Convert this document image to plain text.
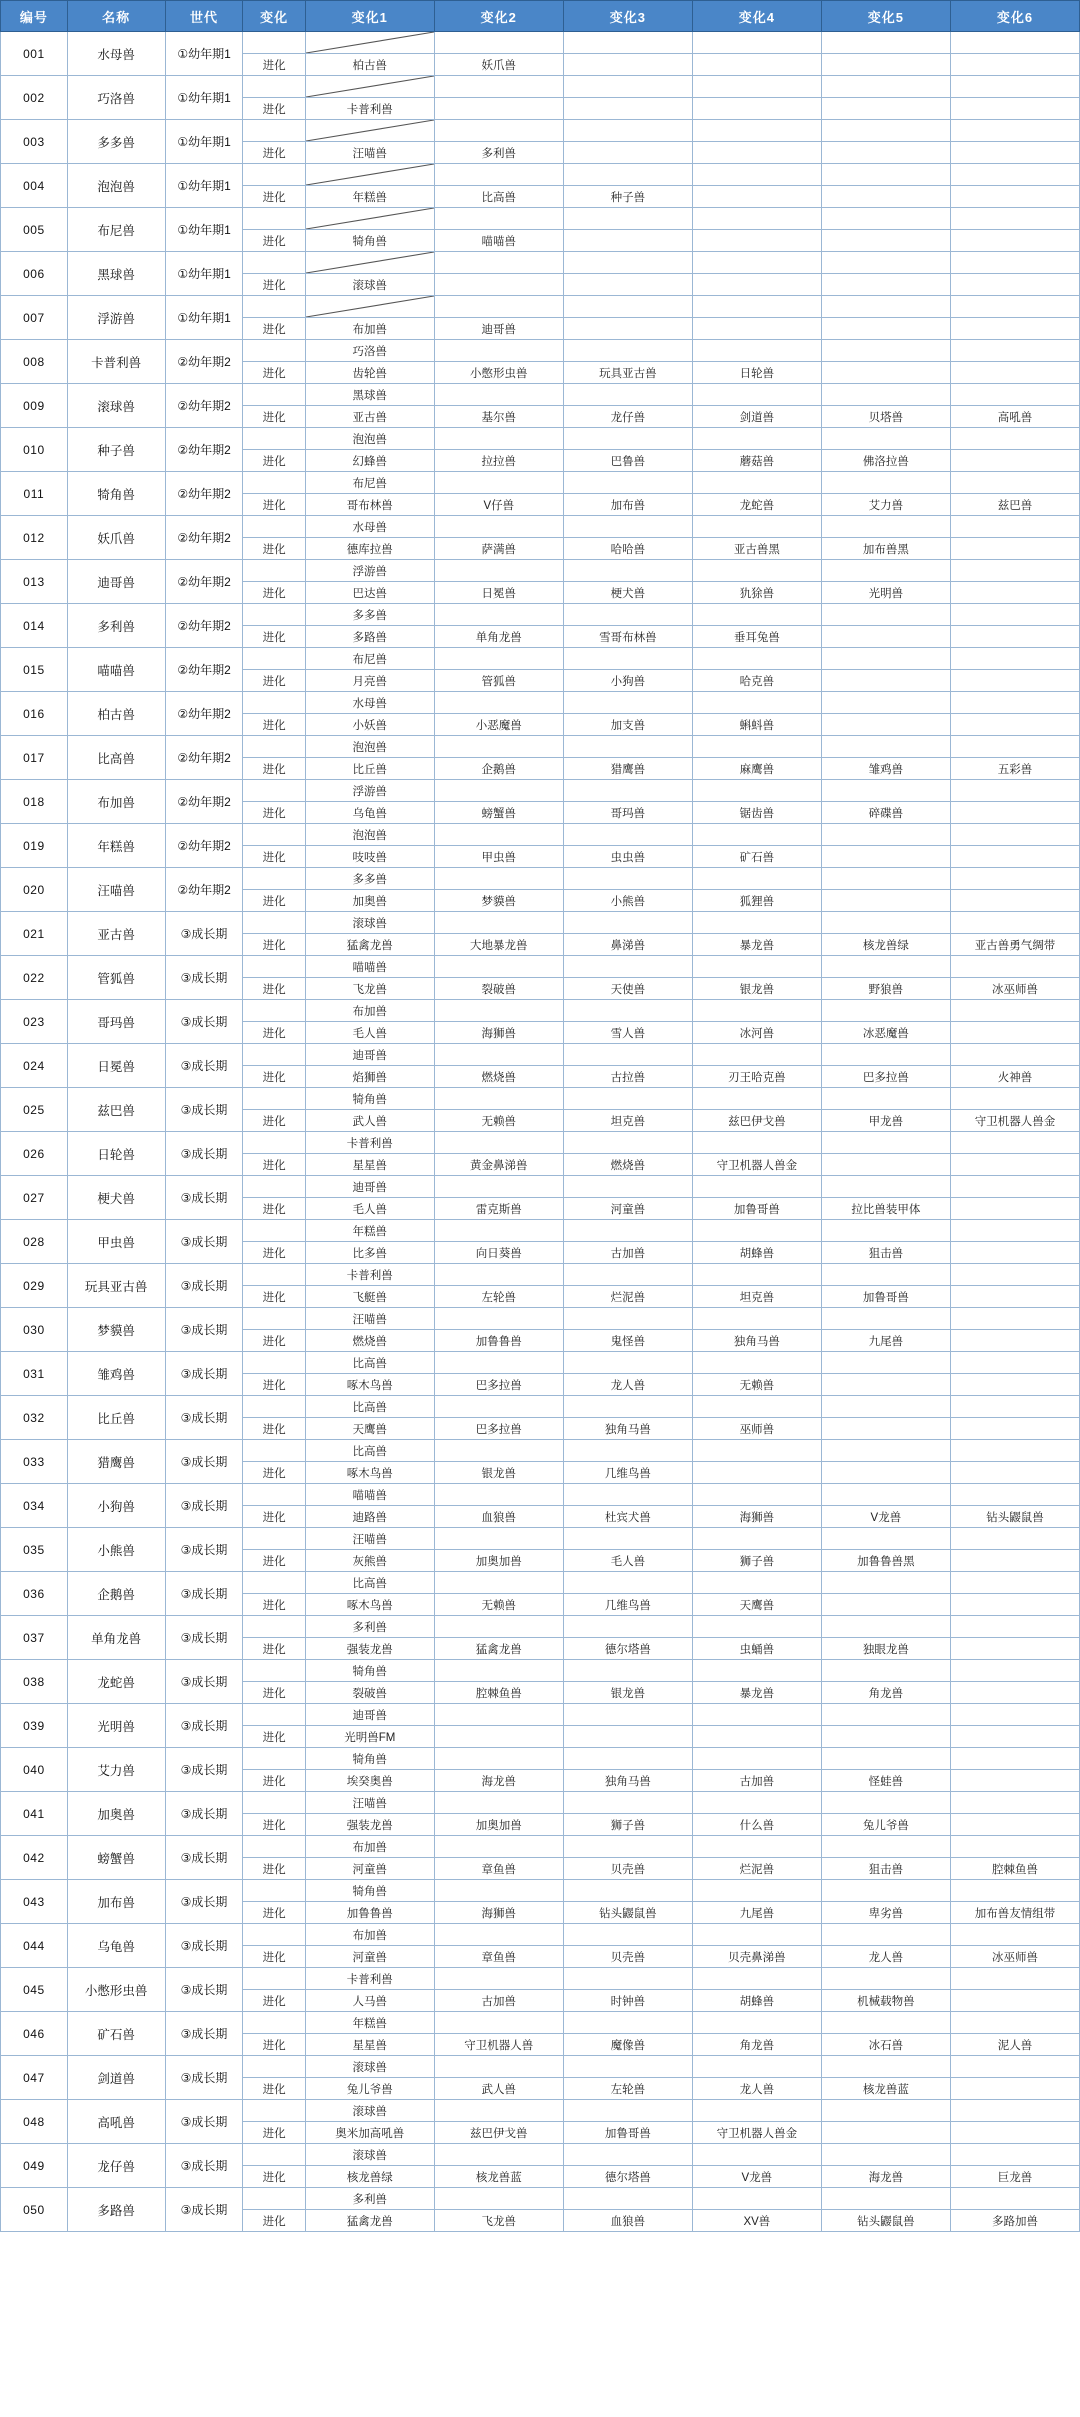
编号	名称	世代	变化	变化1	变化2	变化3	变化4	变化5	变化6
001	水母兽	①幼年期1		

			进化	柏古兽	妖爪兽				
002	巧洛兽	①幼年期1		

			进化	卡普利兽					
003	多多兽	①幼年期1		

			进化	汪喵兽	多利兽				
004	泡泡兽	①幼年期1		

			进化	年糕兽	比高兽	种子兽			
005	布尼兽	①幼年期1		

			进化	犄角兽	喵喵兽				
006	黑球兽	①幼年期1		

			进化	滚球兽					
007	浮游兽	①幼年期1		

			进化	布加兽	迪哥兽				
008	卡普利兽	②幼年期2		巧洛兽					
			进化	齿轮兽	小憋形虫兽	玩具亚古兽	日轮兽		
009	滚球兽	②幼年期2		黑球兽					
			进化	亚古兽	基尔兽	龙仔兽	剑道兽	贝塔兽	高吼兽
010	种子兽	②幼年期2		泡泡兽					
			进化	幻蜂兽	拉拉兽	巴鲁兽	蘑菇兽	佛洛拉兽	
011	犄角兽	②幼年期2		布尼兽					
			进化	哥布林兽	V仔兽	加布兽	龙蛇兽	艾力兽	兹巴兽
012	妖爪兽	②幼年期2		水母兽					
			进化	德库拉兽	萨满兽	哈哈兽	亚古兽黑	加布兽黑	
013	迪哥兽	②幼年期2		浮游兽					
			进化	巴达兽	日冕兽	梗犬兽	犰狳兽	光明兽	
014	多利兽	②幼年期2		多多兽					
			进化	多路兽	单角龙兽	雪哥布林兽	垂耳兔兽		
015	喵喵兽	②幼年期2		布尼兽					
			进化	月亮兽	管狐兽	小狗兽	哈克兽		
016	柏古兽	②幼年期2		水母兽					
			进化	小妖兽	小恶魔兽	加支兽	蝌蚪兽		
017	比高兽	②幼年期2		泡泡兽					
			进化	比丘兽	企鹅兽	猎鹰兽	麻鹰兽	雏鸡兽	五彩兽
018	布加兽	②幼年期2		浮游兽					
			进化	乌龟兽	螃蟹兽	哥玛兽	锯齿兽	碎碟兽	
019	年糕兽	②幼年期2		泡泡兽					
			进化	吱吱兽	甲虫兽	虫虫兽	矿石兽		
020	汪喵兽	②幼年期2		多多兽					
			进化	加奥兽	梦貘兽	小熊兽	狐狸兽		
021	亚古兽	③成长期		滚球兽					
			进化	猛禽龙兽	大地暴龙兽	鼻涕兽	暴龙兽	核龙兽绿	亚古兽勇气绸带
022	管狐兽	③成长期		喵喵兽					
			进化	飞龙兽	裂破兽	天使兽	银龙兽	野狼兽	冰巫师兽
023	哥玛兽	③成长期		布加兽					
			进化	毛人兽	海狮兽	雪人兽	冰河兽	冰恶魔兽	
024	日冕兽	③成长期		迪哥兽					
			进化	焰狮兽	燃烧兽	古拉兽	刃王哈克兽	巴多拉兽	火神兽
025	兹巴兽	③成长期		犄角兽					
			进化	武人兽	无赖兽	坦克兽	兹巴伊戈兽	甲龙兽	守卫机器人兽金
026	日轮兽	③成长期		卡普利兽					
			进化	星星兽	黄金鼻涕兽	燃烧兽	守卫机器人兽金		
027	梗犬兽	③成长期		迪哥兽					
			进化	毛人兽	雷克斯兽	河童兽	加鲁哥兽	拉比兽装甲体	
028	甲虫兽	③成长期		年糕兽					
			进化	比多兽	向日葵兽	古加兽	胡蜂兽	狙击兽	
029	玩具亚古兽	③成长期		卡普利兽					
			进化	飞艇兽	左轮兽	烂泥兽	坦克兽	加鲁哥兽	
030	梦貘兽	③成长期		汪喵兽					
			进化	燃烧兽	加鲁鲁兽	鬼怪兽	独角马兽	九尾兽	
031	雏鸡兽	③成长期		比高兽					
			进化	啄木鸟兽	巴多拉兽	龙人兽	无赖兽		
032	比丘兽	③成长期		比高兽					
			进化	天鹰兽	巴多拉兽	独角马兽	巫师兽		
033	猎鹰兽	③成长期		比高兽					
			进化	啄木鸟兽	银龙兽	几维鸟兽			
034	小狗兽	③成长期		喵喵兽					
			进化	迪路兽	血狼兽	杜宾犬兽	海狮兽	V龙兽	钻头鼹鼠兽
035	小熊兽	③成长期		汪喵兽					
			进化	灰熊兽	加奥加兽	毛人兽	狮子兽	加鲁鲁兽黑	
036	企鹅兽	③成长期		比高兽					
			进化	啄木鸟兽	无赖兽	几维鸟兽	天鹰兽		
037	单角龙兽	③成长期		多利兽					
			进化	强装龙兽	猛禽龙兽	德尔塔兽	虫蛹兽	独眼龙兽	
038	龙蛇兽	③成长期		犄角兽					
			进化	裂破兽	腔棘鱼兽	银龙兽	暴龙兽	角龙兽	
039	光明兽	③成长期		迪哥兽					
			进化	光明兽FM					
040	艾力兽	③成长期		犄角兽					
			进化	埃癸奥兽	海龙兽	独角马兽	古加兽	怪蛙兽	
041	加奥兽	③成长期		汪喵兽					
			进化	强装龙兽	加奥加兽	狮子兽	什么兽	兔儿爷兽	
042	螃蟹兽	③成长期		布加兽					
			进化	河童兽	章鱼兽	贝壳兽	烂泥兽	狙击兽	腔棘鱼兽
043	加布兽	③成长期		犄角兽					
			进化	加鲁鲁兽	海狮兽	钻头鼹鼠兽	九尾兽	卑劣兽	加布兽友情组带
044	乌龟兽	③成长期		布加兽					
			进化	河童兽	章鱼兽	贝壳兽	贝壳鼻涕兽	龙人兽	冰巫师兽
045	小憋形虫兽	③成长期		卡普利兽					
			进化	人马兽	古加兽	时钟兽	胡蜂兽	机械载物兽	
046	矿石兽	③成长期		年糕兽					
			进化	星星兽	守卫机器人兽	魔像兽	角龙兽	冰石兽	泥人兽
047	剑道兽	③成长期		滚球兽					
			进化	兔儿爷兽	武人兽	左轮兽	龙人兽	核龙兽蓝	
048	高吼兽	③成长期		滚球兽					
			进化	奥米加高吼兽	兹巴伊戈兽	加鲁哥兽	守卫机器人兽金		
049	龙仔兽	③成长期		滚球兽					
			进化	核龙兽绿	核龙兽蓝	德尔塔兽	V龙兽	海龙兽	巨龙兽
050	多路兽	③成长期		多利兽					
			进化	猛禽龙兽	飞龙兽	血狼兽	XV兽	钻头鼹鼠兽	多路加兽
